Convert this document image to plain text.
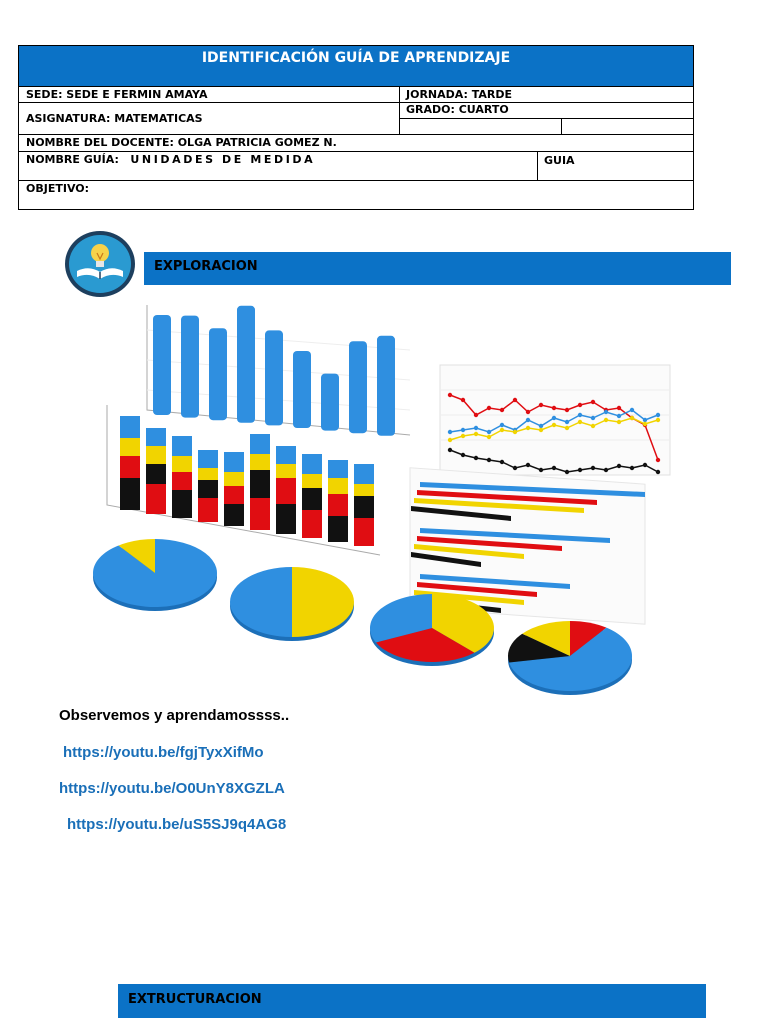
IDENTIFICACIÓN GUÍA DE APRENDIZAJE
SEDE: SEDE E FERMIN AMAYA	JORNADA: TARDE
ASIGNATURA: MATEMATICAS
GRADO: CUARTO
NOMBRE DEL DOCENTE: OLGA PATRICIA GOMEZ N.
NOMBRE GUÍA: UNIDADES DE MEDIDA	GUIA
OBJETIVO:
EXPLORACION
Observemos y aprendamossss..
https://youtu.be/fgjTyxXifMo
https://youtu.be/O0UnY8XGZLA
https://youtu.be/uS5SJ9q4AG8
EXTRUCTURACION
